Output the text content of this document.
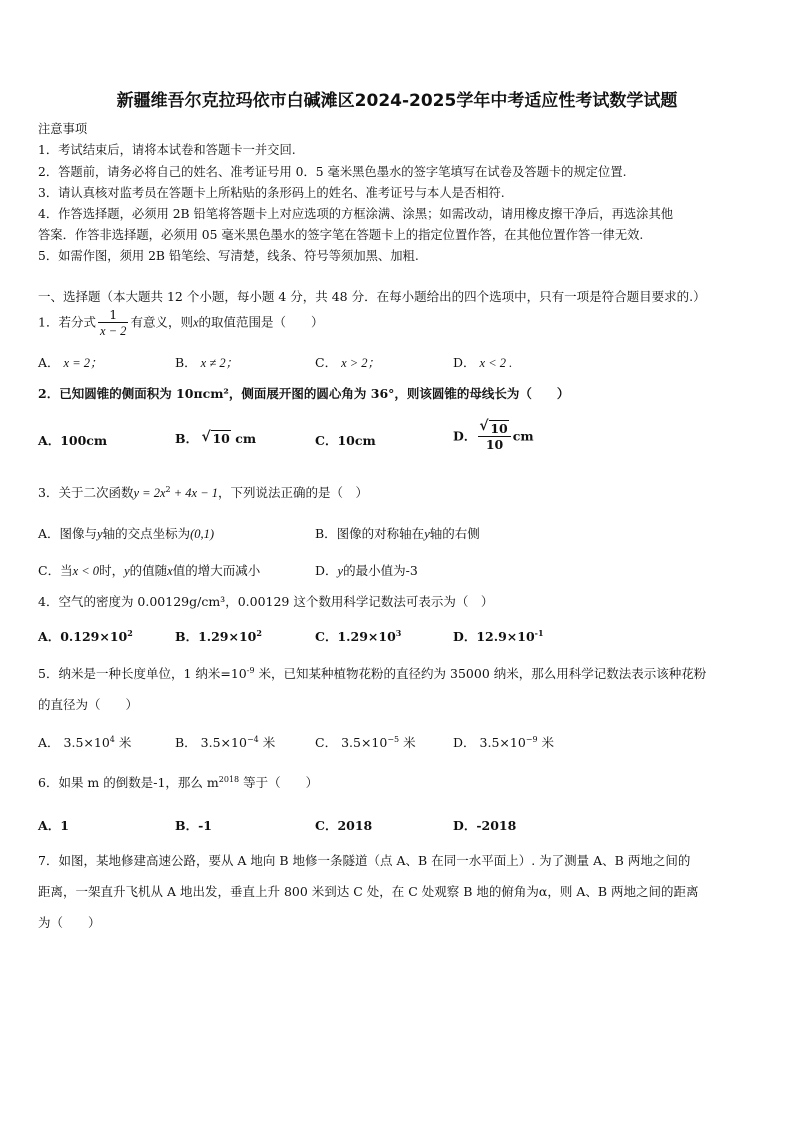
新疆维吾尔克拉玛依市白碱滩区2024-2025学年中考适应性考试数学试题
注意事项
1．考试结束后，请将本试卷和答题卡一并交回.
2．答题前，请务必将自己的姓名、准考证号用 0．5 毫米黑色墨水的签字笔填写在试卷及答题卡的规定位置.
3．请认真核对监考员在答题卡上所粘贴的条形码上的姓名、准考证号与本人是否相符.
4．作答选择题，必须用 2B 铅笔将答题卡上对应选项的方框涂满、涂黑；如需改动，请用橡皮擦干净后，再选涂其他
答案．作答非选择题，必须用 05 毫米黑色墨水的签字笔在答题卡上的指定位置作答，在其他位置作答一律无效.
5．如需作图，须用 2B 铅笔绘、写清楚，线条、符号等须加黑、加粗.
一、选择题（本大题共 12 个小题，每小题 4 分，共 48 分．在每小题给出的四个选项中，只有一项是符合题目要求的.）
1．若分式 $\frac{1}{x - 2}$ 有意义，则x的取值范围是（　　）
A． x = 2；	B． x ≠ 2；	C． x > 2；	D． x < 2 .
2．已知圆锥的侧面积为 10πcm²，侧面展开图的圆心角为 36°，则该圆锥的母线长为（　　）
A．100cm	B． √ 10 cm	C．10cm	D． √ $\frac{10}{10}$ cm
3．关于二次函数$y = 2x^2 + 4x - 1$，下列说法正确的是（　）
A．图像与y轴的交点坐标为(0,1)	B．图像的对称轴在y轴的右侧
C．当x < 0时，y的值随x值的增大而减小	D．y的最小值为-3
4．空气的密度为 0.00129g/cm³，0.00129 这个数用科学记数法可表示为（　）
A．$0.129\times 10^2$	B．$1.29\times 10^2$	C．$1.29\times 10^3$	D．$12.9\times 10^{-1}$
5．纳米是一种长度单位，1 纳米$=10^{-9}$ 米，已知某种植物花粉的直径约为 35000 纳米，那么用科学记数法表示该种花粉
的直径为（　　）
A． $3.5\times 10^4$ 米	B． $3.5\times 10^{-4}$ 米	C． $3.5\times 10^{-5}$ 米	D． $3.5\times 10^{-9}$ 米
6．如果 m 的倒数是-1，那么 $m^{2018}$ 等于（　　）
A．1	B．-1	C．2018	D．-2018
7．如图，某地修建高速公路，要从 A 地向 B 地修一条隧道（点 A、B 在同一水平面上）. 为了测量 A、B 两地之间的
距离，一架直升飞机从 A 地出发，垂直上升 800 米到达 C 处，在 C 处观察 B 地的俯角为α，则 A、B 两地之间的距离
为（　　）
